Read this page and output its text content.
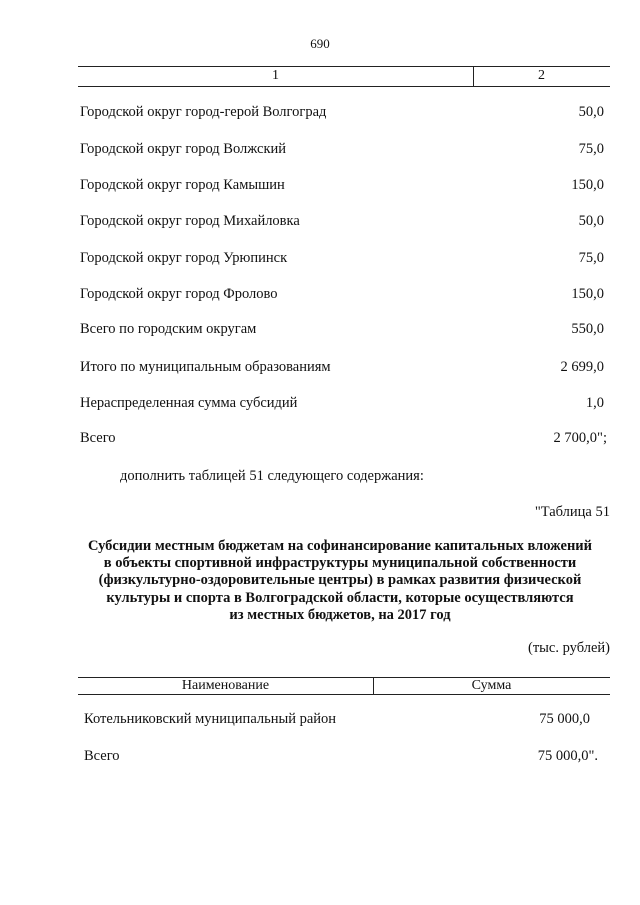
690
1	2
Городской округ город-герой Волгоград	50,0
Городской округ город Волжский	75,0
Городской округ город Камышин	150,0
Городской округ город Михайловка	50,0
Городской округ город Урюпинск	75,0
Городской округ город Фролово	150,0
Всего по городским округам	550,0
Итого по муниципальным образованиям	2 699,0
Нераспределенная сумма субсидий	1,0
Всего	2 700,0";
дополнить таблицей 51 следующего содержания:
"Таблица 51
Субсидии местным бюджетам на софинансирование капитальных вложений
в объекты спортивной инфраструктуры муниципальной собственности
(физкультурно-оздоровительные центры) в рамках развития физической
культуры и спорта в Волгоградской области, которые осуществляются
из местных бюджетов, на 2017 год
(тыс. рублей)
Наименование	Сумма
Котельниковский муниципальный район	75 000,0
Всего	75 000,0".
